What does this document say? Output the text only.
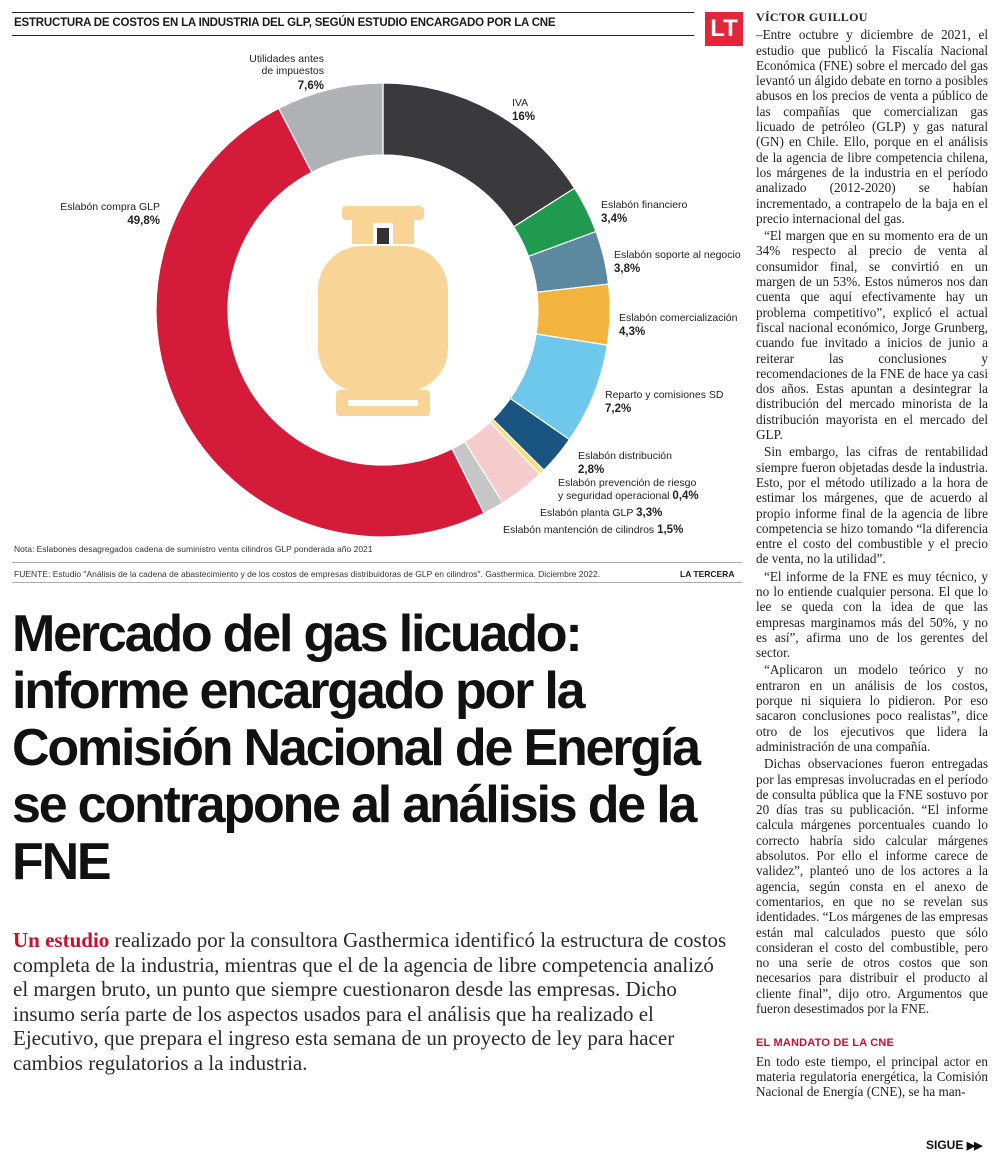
ESTRUCTURA DE COSTOS EN LA INDUSTRIA DEL GLP, SEGÚN ESTUDIO ENCARGADO POR LA CNE	LT
IVA
16%
Eslabón financiero
3,4%
Eslabón soporte al negocio
3,8%
Eslabón comercialización
4,3%
Reparto y comisiones SD
7,2%
Eslabón distribución
2,8%
Eslabón prevención de riesgo y seguridad operacional 0,4%
Eslabón planta GLP 3,3%
Eslabón mantención de cilindros 1,5%
Eslabón compra GLP
49,8%
Utilidades antes de impuestos
7,6%
Nota: Eslabones desagregados cadena de suministro venta cilindros GLP ponderada año 2021
FUENTE: Estudio "Análisis de la cadena de abastecimiento y de los costos de empresas distribuidoras de GLP en cilindros". Gasthermica. Diciembre 2022.	LA TERCERA
Mercado del gas licuado: informe encargado por la Comisión Nacional de Energía se contrapone al análisis de la FNE

Un estudio realizado por la consultora Gasthermica identificó la estructura de costos completa de la industria, mientras que el de la agencia de libre competencia analizó el margen bruto, un punto que siempre cuestionaron desde las empresas. Dicho insumo sería parte de los aspectos usados para el análisis que ha realizado el Ejecutivo, que prepara el ingreso esta semana de un proyecto de ley para hacer cambios regulatorios a la industria.

VÍCTOR GUILLOU

–Entre octubre y diciembre de 2021, el estudio que publicó la Fiscalía Nacional Económica (FNE) sobre el mercado del gas levantó un álgido debate en torno a posibles abusos en los precios de venta a público de las compañías que comercializan gas licuado de petróleo (GLP) y gas natural (GN) en Chile. Ello, porque en el análisis de la agencia de libre competencia chilena, los márgenes de la industria en el período analizado (2012-2020) se habían incrementado, a contrapelo de la baja en el precio internacional del gas.

“El margen que en su momento era de un 34% respecto al precio de venta al consumidor final, se convirtió en un margen de un 53%. Estos números nos dan cuenta que aquí efectivamente hay un problema competitivo”, explicó el actual fiscal nacional económico, Jorge Grunberg, cuando fue invitado a inicios de junio a reiterar las conclusiones y recomendaciones de la FNE de hace ya casi dos años. Estas apuntan a desintegrar la distribución del mercado minorista de la distribución mayorista en el mercado del GLP.

Sin embargo, las cifras de rentabilidad siempre fueron objetadas desde la industria. Esto, por el método utilizado a la hora de estimar los márgenes, que de acuerdo al propio informe final de la agencia de libre competencia se hizo tomando “la diferencia entre el costo del combustible y el precio de venta, no la utilidad”.

“El informe de la FNE es muy técnico, y no lo entiende cualquier persona. El que lo lee se queda con la idea de que las empresas marginamos más del 50%, y no es así”, afirma uno de los gerentes del sector.

“Aplicaron un modelo teórico y no entraron en un análisis de los costos, porque ni siquiera lo pidieron. Por eso sacaron conclusiones poco realistas”, dice otro de los ejecutivos que lidera la administración de una compañía.

Dichas observaciones fueron entregadas por las empresas involucradas en el período de consulta pública que la FNE sostuvo por 20 días tras su publicación. “El informe calcula márgenes porcentuales cuando lo correcto habría sido calcular márgenes absolutos. Por ello el informe carece de validez”, planteó uno de los actores a la agencia, según consta en el anexo de comentarios, en que no se revelan sus identidades. “Los márgenes de las empresas están mal calculados puesto que sólo consideran el costo del combustible, pero no una serie de otros costos que son necesarios para distribuir el producto al cliente final”, dijo otro. Argumentos que fueron desestimados por la FNE.

EL MANDATO DE LA CNE

En todo este tiempo, el principal actor en materia regulatoria energética, la Comisión Nacional de Energía (CNE), se ha man-

SIGUE ▶▶
